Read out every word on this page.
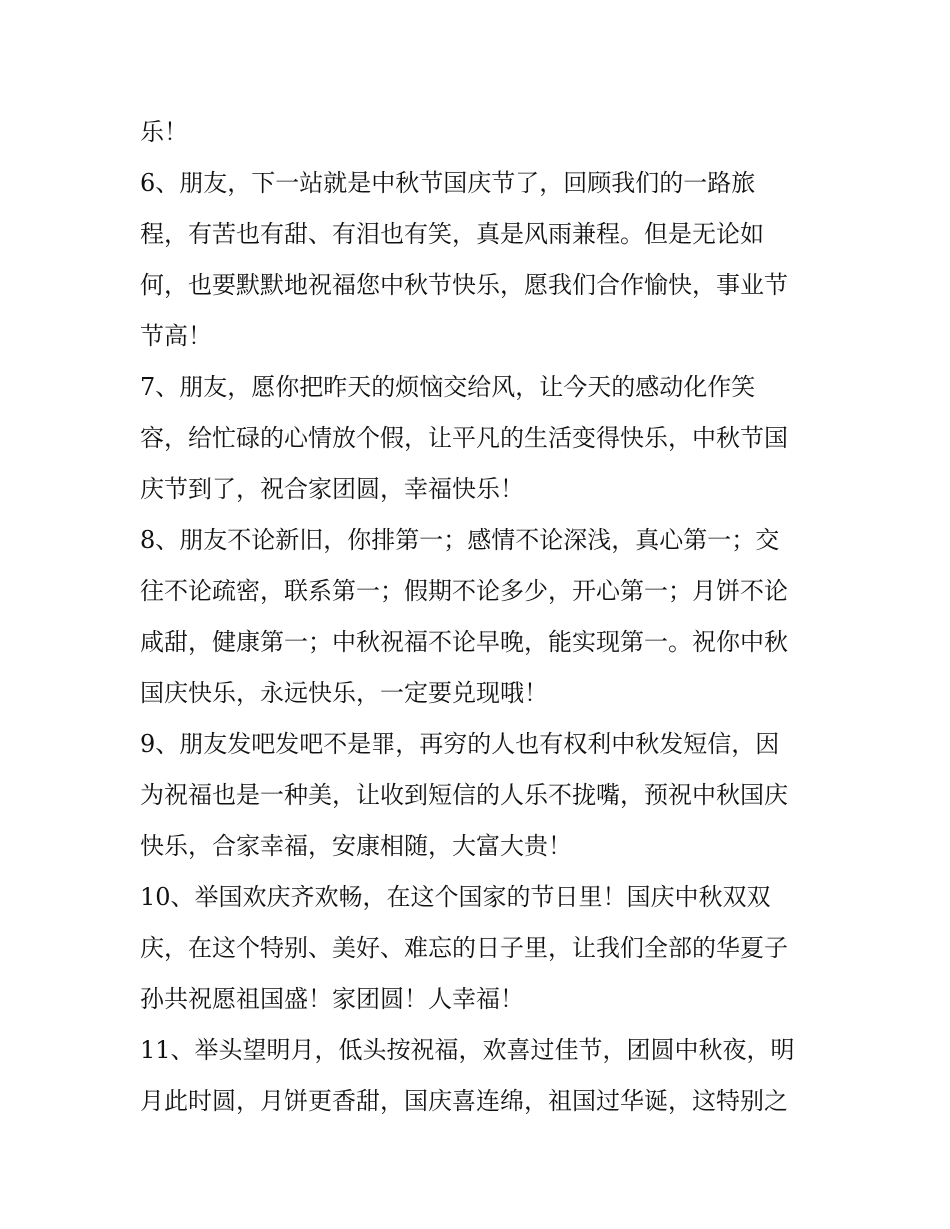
乐！
6、朋友，下一站就是中秋节国庆节了，回顾我们的一路旅
程，有苦也有甜、有泪也有笑，真是风雨兼程。但是无论如
何，也要默默地祝福您中秋节快乐，愿我们合作愉快，事业节
节高！
7、朋友，愿你把昨天的烦恼交给风，让今天的感动化作笑
容，给忙碌的心情放个假，让平凡的生活变得快乐，中秋节国
庆节到了，祝合家团圆，幸福快乐！
8、朋友不论新旧，你排第一；感情不论深浅，真心第一；交
往不论疏密，联系第一；假期不论多少，开心第一；月饼不论
咸甜，健康第一；中秋祝福不论早晚，能实现第一。祝你中秋
国庆快乐，永远快乐，一定要兑现哦！
9、朋友发吧发吧不是罪，再穷的人也有权利中秋发短信，因
为祝福也是一种美，让收到短信的人乐不拢嘴，预祝中秋国庆
快乐，合家幸福，安康相随，大富大贵！
10、举国欢庆齐欢畅，在这个国家的节日里！国庆中秋双双
庆，在这个特别、美好、难忘的日子里，让我们全部的华夏子
孙共祝愿祖国盛！家团圆！人幸福！
11、举头望明月，低头按祝福，欢喜过佳节，团圆中秋夜，明
月此时圆，月饼更香甜，国庆喜连绵，祖国过华诞，这特别之
